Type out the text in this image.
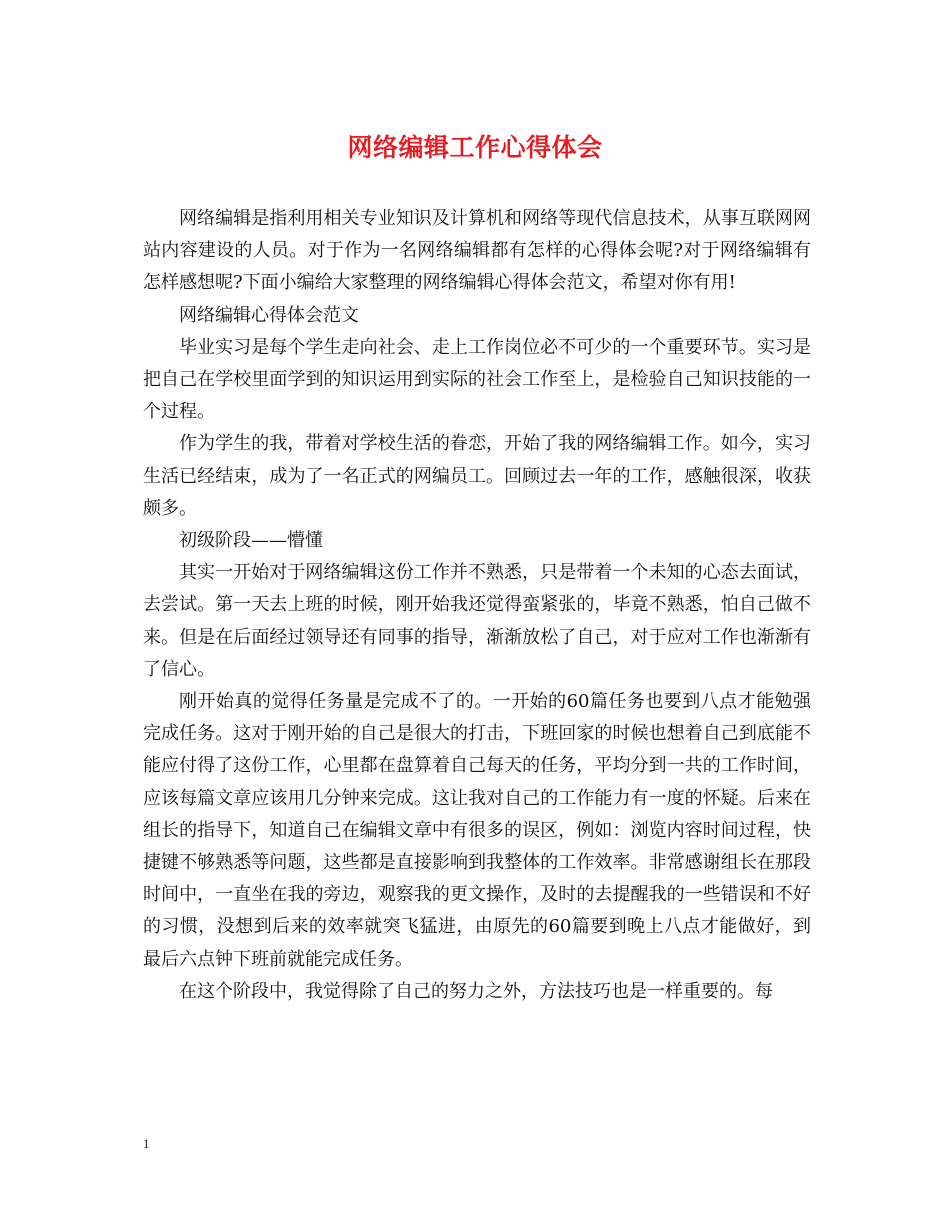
网络编辑工作心得体会

网络编辑是指利用相关专业知识及计算机和网络等现代信息技术，从事互联网网站内容建设的人员。对于作为一名网络编辑都有怎样的心得体会呢?对于网络编辑有怎样感想呢?下面小编给大家整理的网络编辑心得体会范文，希望对你有用!

网络编辑心得体会范文

毕业实习是每个学生走向社会、走上工作岗位必不可少的一个重要环节。实习是把自己在学校里面学到的知识运用到实际的社会工作至上，是检验自己知识技能的一个过程。

作为学生的我，带着对学校生活的眷恋，开始了我的网络编辑工作。如今，实习生活已经结束，成为了一名正式的网编员工。回顾过去一年的工作，感触很深，收获颇多。

初级阶段——懵懂

其实一开始对于网络编辑这份工作并不熟悉，只是带着一个未知的心态去面试，去尝试。第一天去上班的时候，刚开始我还觉得蛮紧张的，毕竟不熟悉，怕自己做不来。但是在后面经过领导还有同事的指导，渐渐放松了自己，对于应对工作也渐渐有了信心。

刚开始真的觉得任务量是完成不了的。一开始的60篇任务也要到八点才能勉强完成任务。这对于刚开始的自己是很大的打击，下班回家的时候也想着自己到底能不能应付得了这份工作，心里都在盘算着自己每天的任务，平均分到一共的工作时间，应该每篇文章应该用几分钟来完成。这让我对自己的工作能力有一度的怀疑。后来在组长的指导下，知道自己在编辑文章中有很多的误区，例如：浏览内容时间过程，快捷键不够熟悉等问题，这些都是直接影响到我整体的工作效率。非常感谢组长在那段时间中，一直坐在我的旁边，观察我的更文操作，及时的去提醒我的一些错误和不好的习惯，没想到后来的效率就突飞猛进，由原先的60篇要到晚上八点才能做好，到最后六点钟下班前就能完成任务。

在这个阶段中，我觉得除了自己的努力之外，方法技巧也是一样重要的。每

1
